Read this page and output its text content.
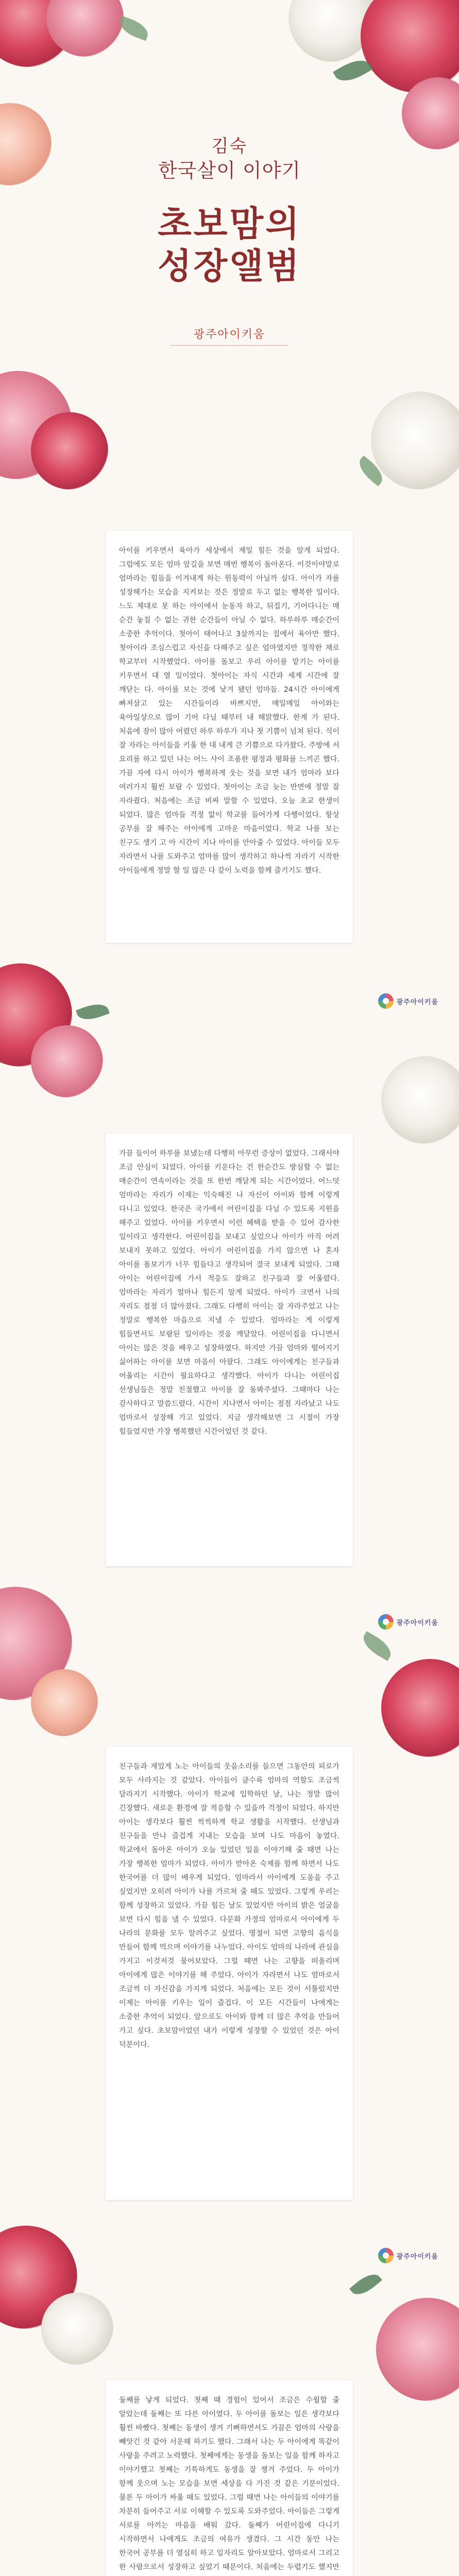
김숙
한국살이 이야기
초보맘의
성장앨범
광주아이키움

아이를 키우면서 육아가 세상에서 제일 힘든 것을 알게 되었다. 그럼에도 모든 엄마 앞길을 보면 매번 행복이 돌아온다. 이것이야말로 엄마라는 힘들을 이겨내게 하는 원동력이 아닐까 싶다. 아이가 자를 성장해가는 모습을 지켜보는 것은 정말로 두고 없는 행복한 일이다. 느도 제대로 못 하는 아이에서 눈동자 하고, 뒤집기, 기어다니는 매 순간 놓칠 수 없는 귀한 순간들이 아닐 수 없다. 하루하루 매순간이 소중한 추억이다. 첫아이 태어나고 3살까지는 집에서 육아만 했다. 첫아이라 조심스럽고 자신을 다해주고 싶은 엄마였지만 정작한 채로 학교부터 시작했었다. 아이를 돌보고 우리 아이를 맡기는 아이를 키우면서 대 열 일이었다. 첫아이는 자식 시간과 세계 시간에 잘 깨닫는 다. 아이를 보는 것에 낯겨 됐던 엄마들. 24시간 아이에게 빠져살고 있는 시간들이라 바쁘지만, 매일매일 아이와는 육아일상으로 많이 기어 다닐 때부터 내 해맑했다. 한계 가 된다. 처음에 잠이 많아 어렸던 하루 하루가 지나 첫 기쁨이 넘쳐 된다. 식이 잘 자라는 아이들을 키울 한 대 내게 큰 기쁨으로 다가왔다. 주방에 서 요리를 하고 있던 나는 어느 사이 조용한 평정과 평화를 느끼곤 했다. 가끔 자에 다시 아이가 행복하게 웃는 것을 보면 내가 엄마라 보다 여러가지 훨씬 보람 수 있었다. 첫아이는 조금 늦는 반면에 정말 잘 자라줬다. 처음에는 조금 비싸 말할 수 있었다. 오늘 초교 한생이 되었다. 많은 엄마들 걱정 없이 학교를 들어가게 다행이었다. 항상 공부를 잘 해주는 아이에게 고마운 마음이었다. 학교 나를 보는 친구도 생기 고 아 시간이 지나 아이를 안아줄 수 있었다. 아이들 모두 자라면서 나를 도와주고 엄마를 많이 생각하고 하나씩 자라기 시작한 아이들에게 정말 할 일 많은 다 같이 노력을 함께 즐기기도 했다.

광주아이키움

가끔 들이어 하루를 보냈는데 다행히 아무런 증상이 없었다. 그래서야 조금 안심이 되었다. 아이를 키운다는 건 한순간도 방심할 수 없는 매순간이 연속이라는 것을 또 한번 깨달게 되는 시간이었다. 어느덧 엄마라는 자리가 이제는 익숙해진 나 자신이 아이와 함께 이렇게 다니고 있었다. 한국은 국가에서 어린이집을 다닐 수 있도록 지원을 해주고 있었다. 아이를 키우면서 이런 혜택을 받을 수 있어 감사한 일이라고 생각한다. 어린이집을 보내고 싶었으나 아이가 아직 어려 보내지 못하고 있었다. 아이가 어린이집을 가지 않으면 나 혼자 아이를 돌보기가 너무 힘들다고 생각되어 결국 보내게 되었다. 그때 아이는 어린이집에 가서 적응도 잘하고 친구들과 잘 어울렸다. 엄마라는 자리가 얼마나 힘든지 알게 되었다. 아이가 크면서 나의 자리도 점점 더 많아졌다. 그래도 다행히 아이는 잘 자라주었고 나는 정말로 행복한 마음으로 지낼 수 있었다. 엄마라는 게 이렇게 힘들면서도 보람된 일이라는 것을 깨달았다. 어린이집을 다니면서 아이는 많은 것을 배우고 성장하였다. 하지만 가끔 엄마와 떨어지기 싫어하는 아이를 보면 마음이 아팠다. 그래도 아이에게는 친구들과 어울리는 시간이 필요하다고 생각했다. 아이가 다니는 어린이집 선생님들은 정말 친절했고 아이를 잘 돌봐주셨다. 그때마다 나는 감사하다고 말씀드렸다. 시간이 지나면서 아이는 점점 자라났고 나도 엄마로서 성장해 가고 있었다. 지금 생각해보면 그 시절이 가장 힘들었지만 가장 행복했던 시간이었던 것 같다.

광주아이키움

친구들과 재밌게 노는 아이들의 웃음소리를 들으면 그동안의 피로가 모두 사라지는 것 같았다. 아이들이 클수록 엄마의 역할도 조금씩 달라지기 시작했다. 아이가 학교에 입학하던 날, 나는 정말 많이 긴장했다. 새로운 환경에 잘 적응할 수 있을까 걱정이 되었다. 하지만 아이는 생각보다 훨씬 씩씩하게 학교 생활을 시작했다. 선생님과 친구들을 만나 즐겁게 지내는 모습을 보며 나도 마음이 놓였다. 학교에서 돌아온 아이가 오늘 있었던 일을 이야기해 줄 때면 나는 가장 행복한 엄마가 되었다. 아이가 받아온 숙제를 함께 하면서 나도 한국어를 더 많이 배우게 되었다. 엄마라서 아이에게 도움을 주고 싶었지만 오히려 아이가 나를 가르쳐 줄 때도 있었다. 그렇게 우리는 함께 성장하고 있었다. 가끔 힘든 날도 있었지만 아이의 밝은 얼굴을 보면 다시 힘을 낼 수 있었다. 다문화 가정의 엄마로서 아이에게 두 나라의 문화를 모두 알려주고 싶었다. 명절이 되면 고향의 음식을 만들어 함께 먹으며 이야기를 나누었다. 아이도 엄마의 나라에 관심을 가지고 이것저것 물어보았다. 그럴 때면 나는 고향을 떠올리며 아이에게 많은 이야기를 해 주었다. 아이가 자라면서 나도 엄마로서 조금씩 더 자신감을 가지게 되었다. 처음에는 모든 것이 서툴렀지만 이제는 아이를 키우는 일이 즐겁다. 이 모든 시간들이 나에게는 소중한 추억이 되었다. 앞으로도 아이와 함께 더 많은 추억을 만들어 가고 싶다. 초보맘이었던 내가 이렇게 성장할 수 있었던 것은 아이 덕분이다.

광주아이키움

둘째를 낳게 되었다. 첫째 때 경험이 있어서 조금은 수월할 줄 알았는데 둘째는 또 다른 아이였다. 두 아이를 돌보는 일은 생각보다 훨씬 바빴다. 첫째는 동생이 생겨 기뻐하면서도 가끔은 엄마의 사랑을 빼앗긴 것 같아 서운해 하기도 했다. 그래서 나는 두 아이에게 똑같이 사랑을 주려고 노력했다. 첫째에게는 동생을 돌보는 일을 함께 하자고 이야기했고 첫째는 기특하게도 동생을 잘 챙겨 주었다. 두 아이가 함께 웃으며 노는 모습을 보면 세상을 다 가진 것 같은 기분이었다. 물론 두 아이가 싸울 때도 있었다. 그럴 때면 나는 아이들의 이야기를 차분히 들어주고 서로 이해할 수 있도록 도와주었다. 아이들은 그렇게 서로를 아끼는 마음을 배워 갔다. 둘째가 어린이집에 다니기 시작하면서 나에게도 조금의 여유가 생겼다. 그 시간 동안 나는 한국어 공부를 더 열심히 하고 일자리도 알아보았다. 엄마로서 그리고 한 사람으로서 성장하고 싶었기 때문이다. 처음에는 두렵기도 했지만
